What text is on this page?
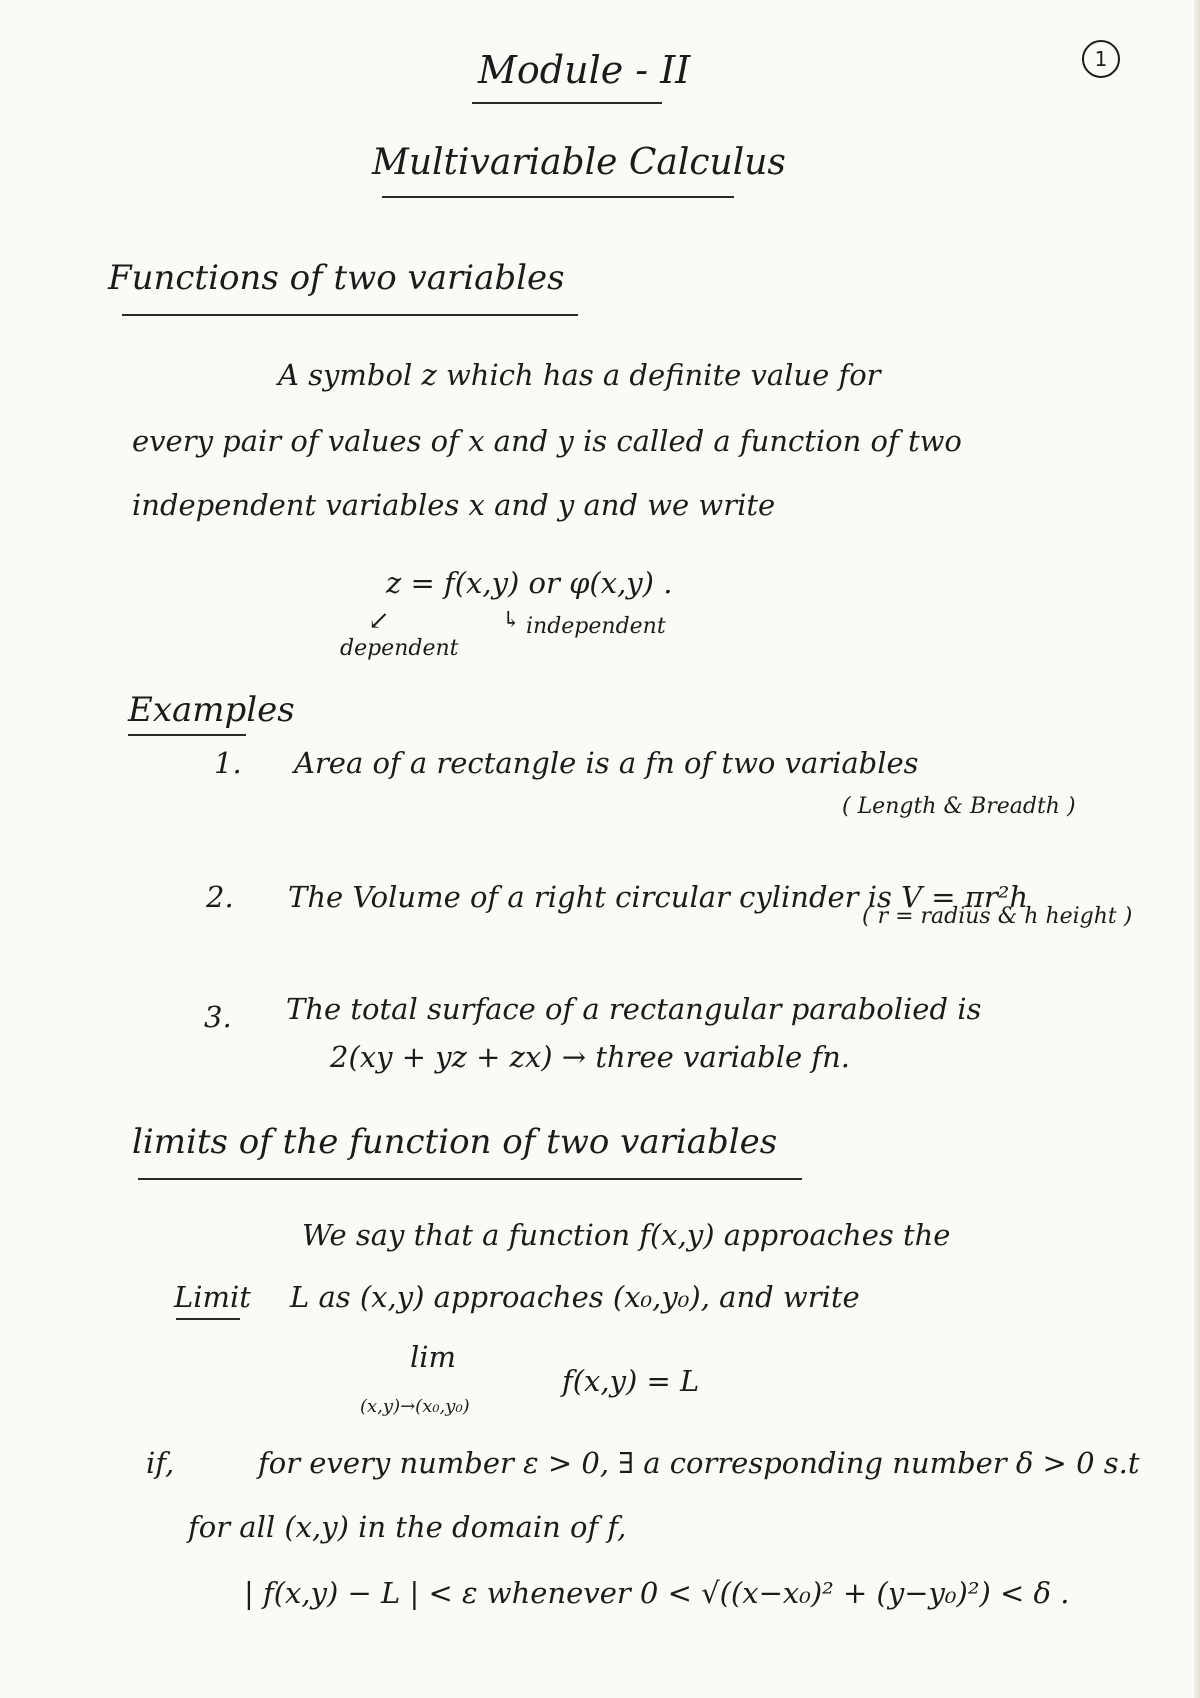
1
Module - II
Multivariable Calculus
Functions of two variables
A symbol z which has a definite value for
every pair of values of x and y is called a function of two
independent variables x and y and we write
z = f(x,y) or φ(x,y) .
↙	↳ independent
dependent
Examples
1. Area of a rectangle is a fn of two variables
( Length & Breadth )
2. The Volume of a right circular cylinder is V = πr²h
( r = radius & h height )
3. The total surface of a rectangular parabolied is
2(xy + yz + zx) → three variable fn.
limits of the function of two variables
We say that a function f(x,y) approaches the
Limit L as (x,y) approaches (x₀,y₀), and write
lim
(x,y)→(x₀,y₀)
f(x,y) = L
if,	for every number ε > 0, ∃ a corresponding number δ > 0 s.t
for all (x,y) in the domain of f,
| f(x,y) − L | < ε whenever 0 < √((x−x₀)² + (y−y₀)²) < δ .
